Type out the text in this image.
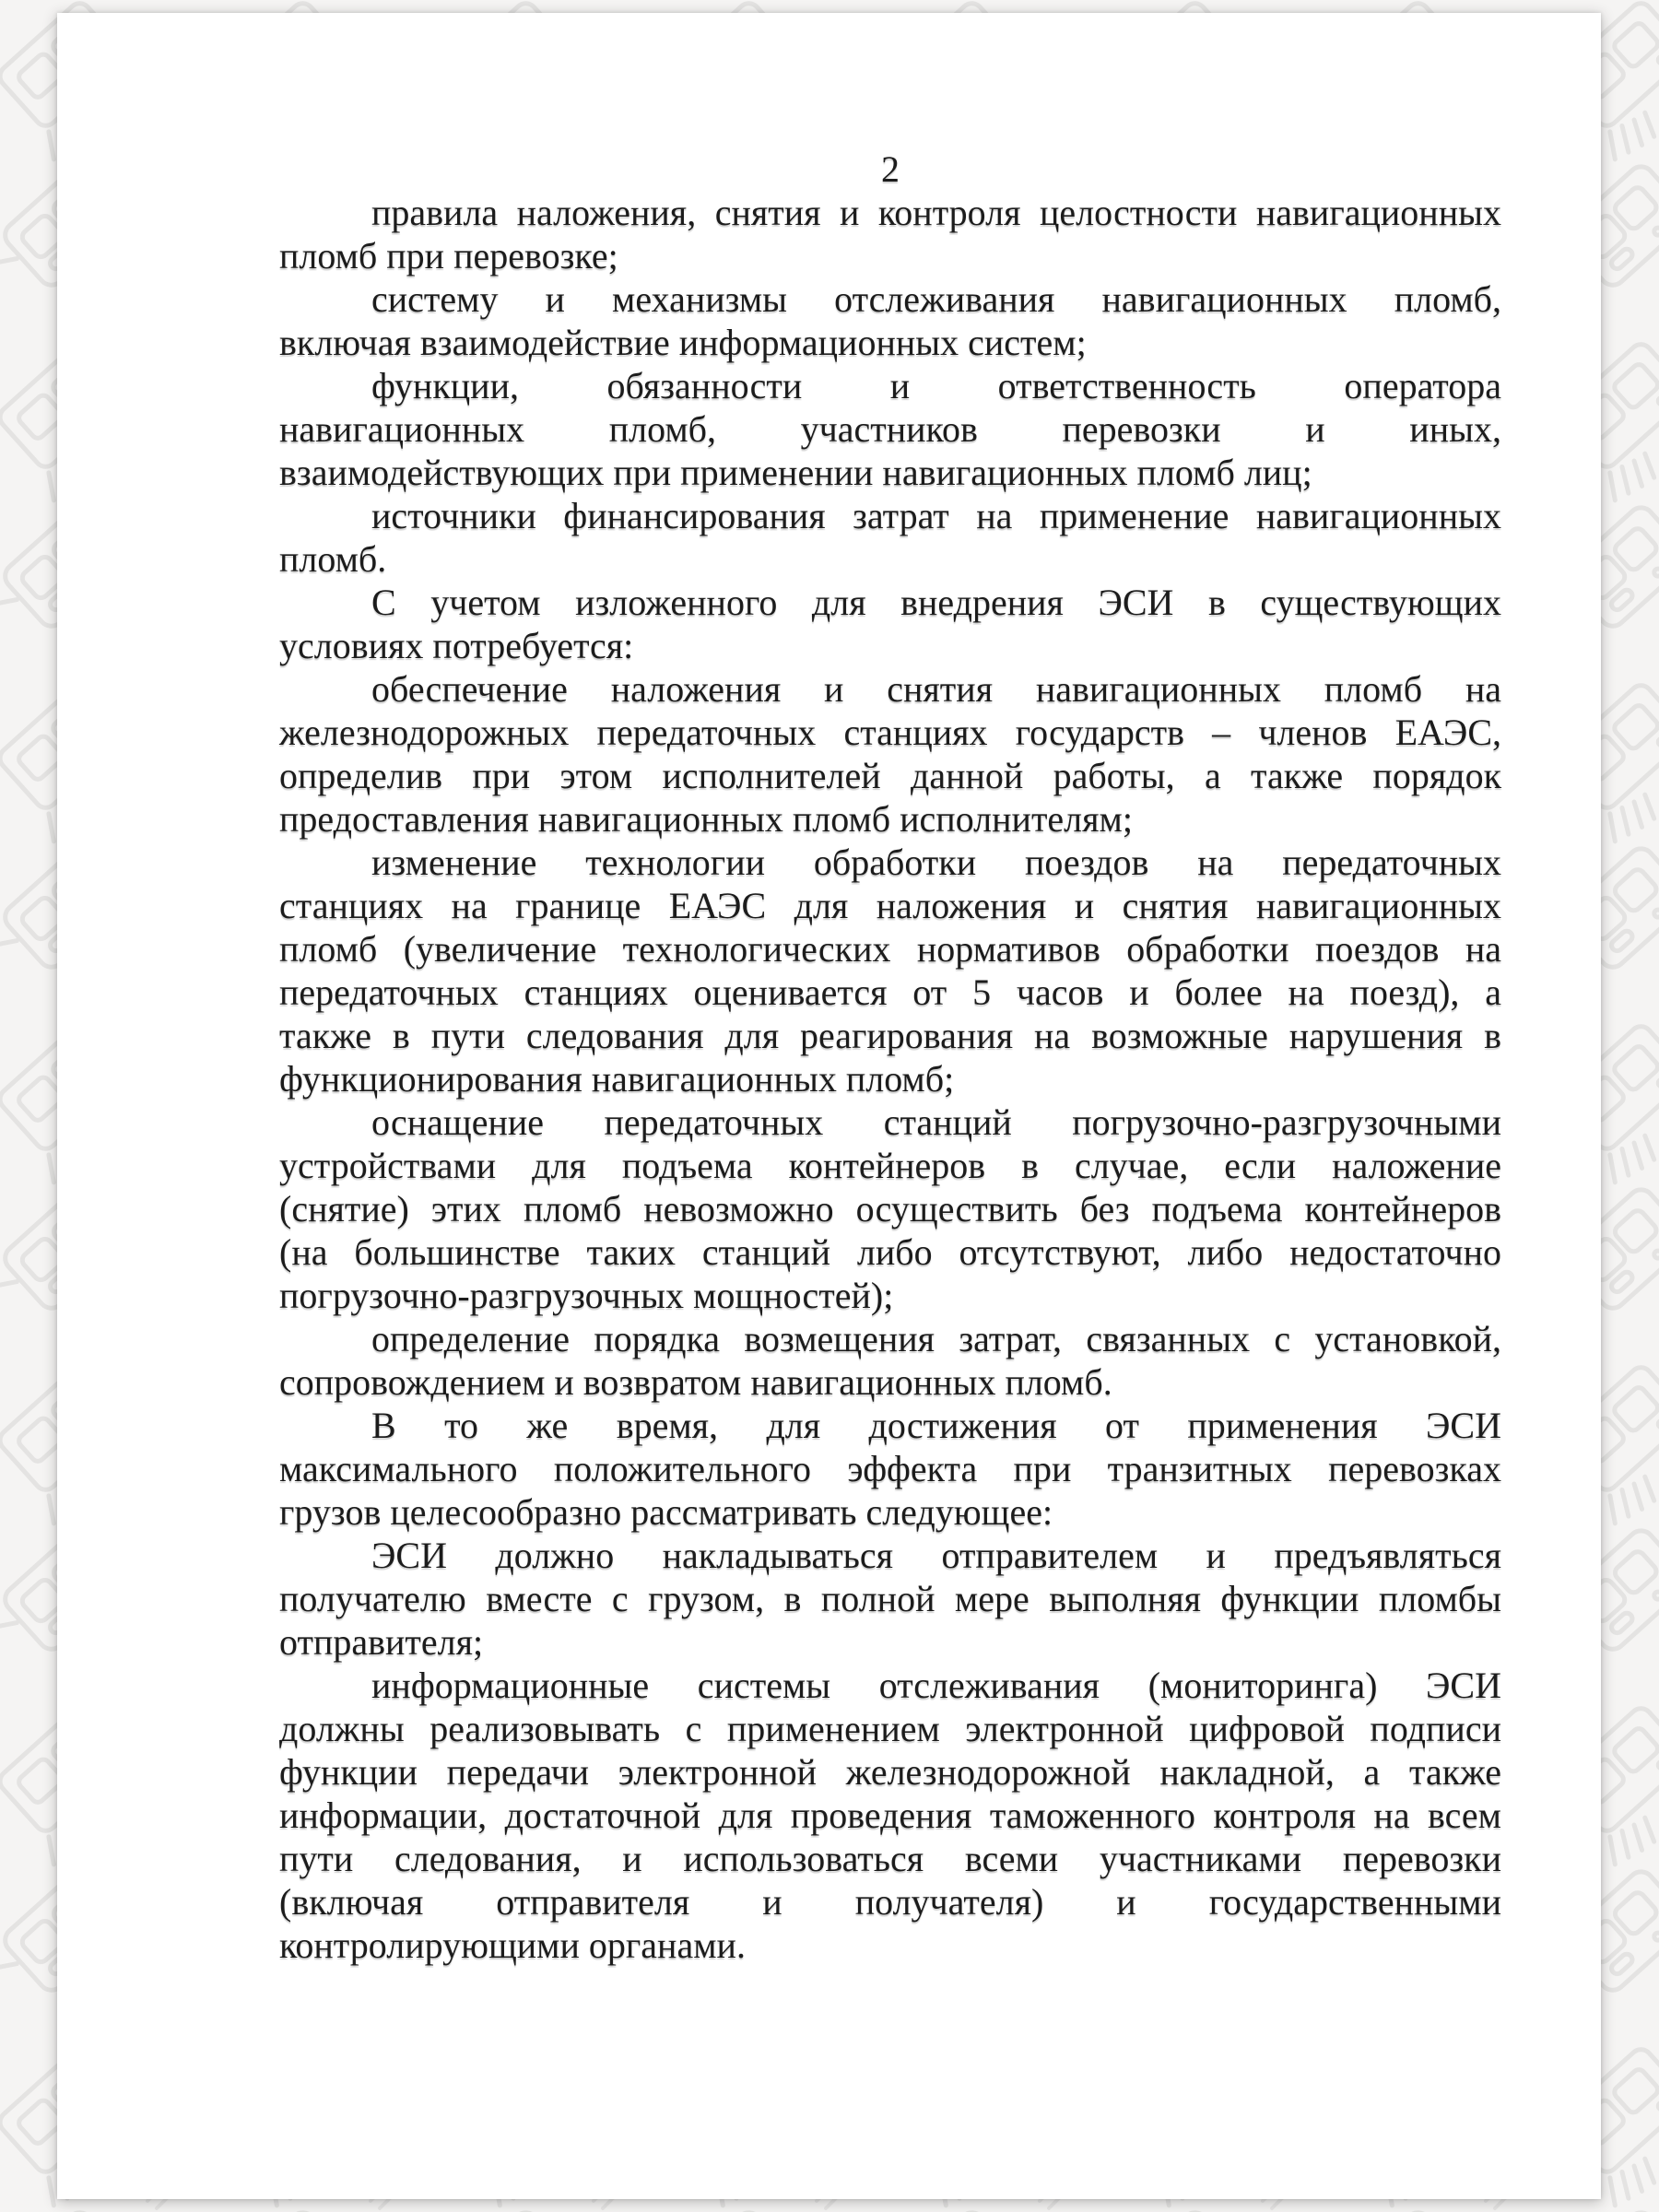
2
правила наложения, снятия и контроля целостности навигационных
пломб при перевозке;
систему и механизмы отслеживания навигационных пломб,
включая взаимодействие информационных систем;
функции, обязанности и ответственность оператора
навигационных пломб, участников перевозки и иных,
взаимодействующих при применении навигационных пломб лиц;
источники финансирования затрат на применение навигационных
пломб.
С учетом изложенного для внедрения ЭСИ в существующих
условиях потребуется:
обеспечение наложения и снятия навигационных пломб на
железнодорожных передаточных станциях государств – членов ЕАЭС,
определив при этом исполнителей данной работы, а также порядок
предоставления навигационных пломб исполнителям;
изменение технологии обработки поездов на передаточных
станциях на границе ЕАЭС для наложения и снятия навигационных
пломб (увеличение технологических нормативов обработки поездов на
передаточных станциях оценивается от 5 часов и более на поезд), а
также в пути следования для реагирования на возможные нарушения в
функционирования навигационных пломб;
оснащение передаточных станций погрузочно-разгрузочными
устройствами для подъема контейнеров в случае, если наложение
(снятие) этих пломб невозможно осуществить без подъема контейнеров
(на большинстве таких станций либо отсутствуют, либо недостаточно
погрузочно-разгрузочных мощностей);
определение порядка возмещения затрат, связанных с установкой,
сопровождением и возвратом навигационных пломб.
В то же время, для достижения от применения ЭСИ
максимального положительного эффекта при транзитных перевозках
грузов целесообразно рассматривать следующее:
ЭСИ должно накладываться отправителем и предъявляться
получателю вместе с грузом, в полной мере выполняя функции пломбы
отправителя;
информационные системы отслеживания (мониторинга) ЭСИ
должны реализовывать с применением электронной цифровой подписи
функции передачи электронной железнодорожной накладной, а также
информации, достаточной для проведения таможенного контроля на всем
пути следования, и использоваться всеми участниками перевозки
(включая отправителя и получателя) и государственными
контролирующими органами.
